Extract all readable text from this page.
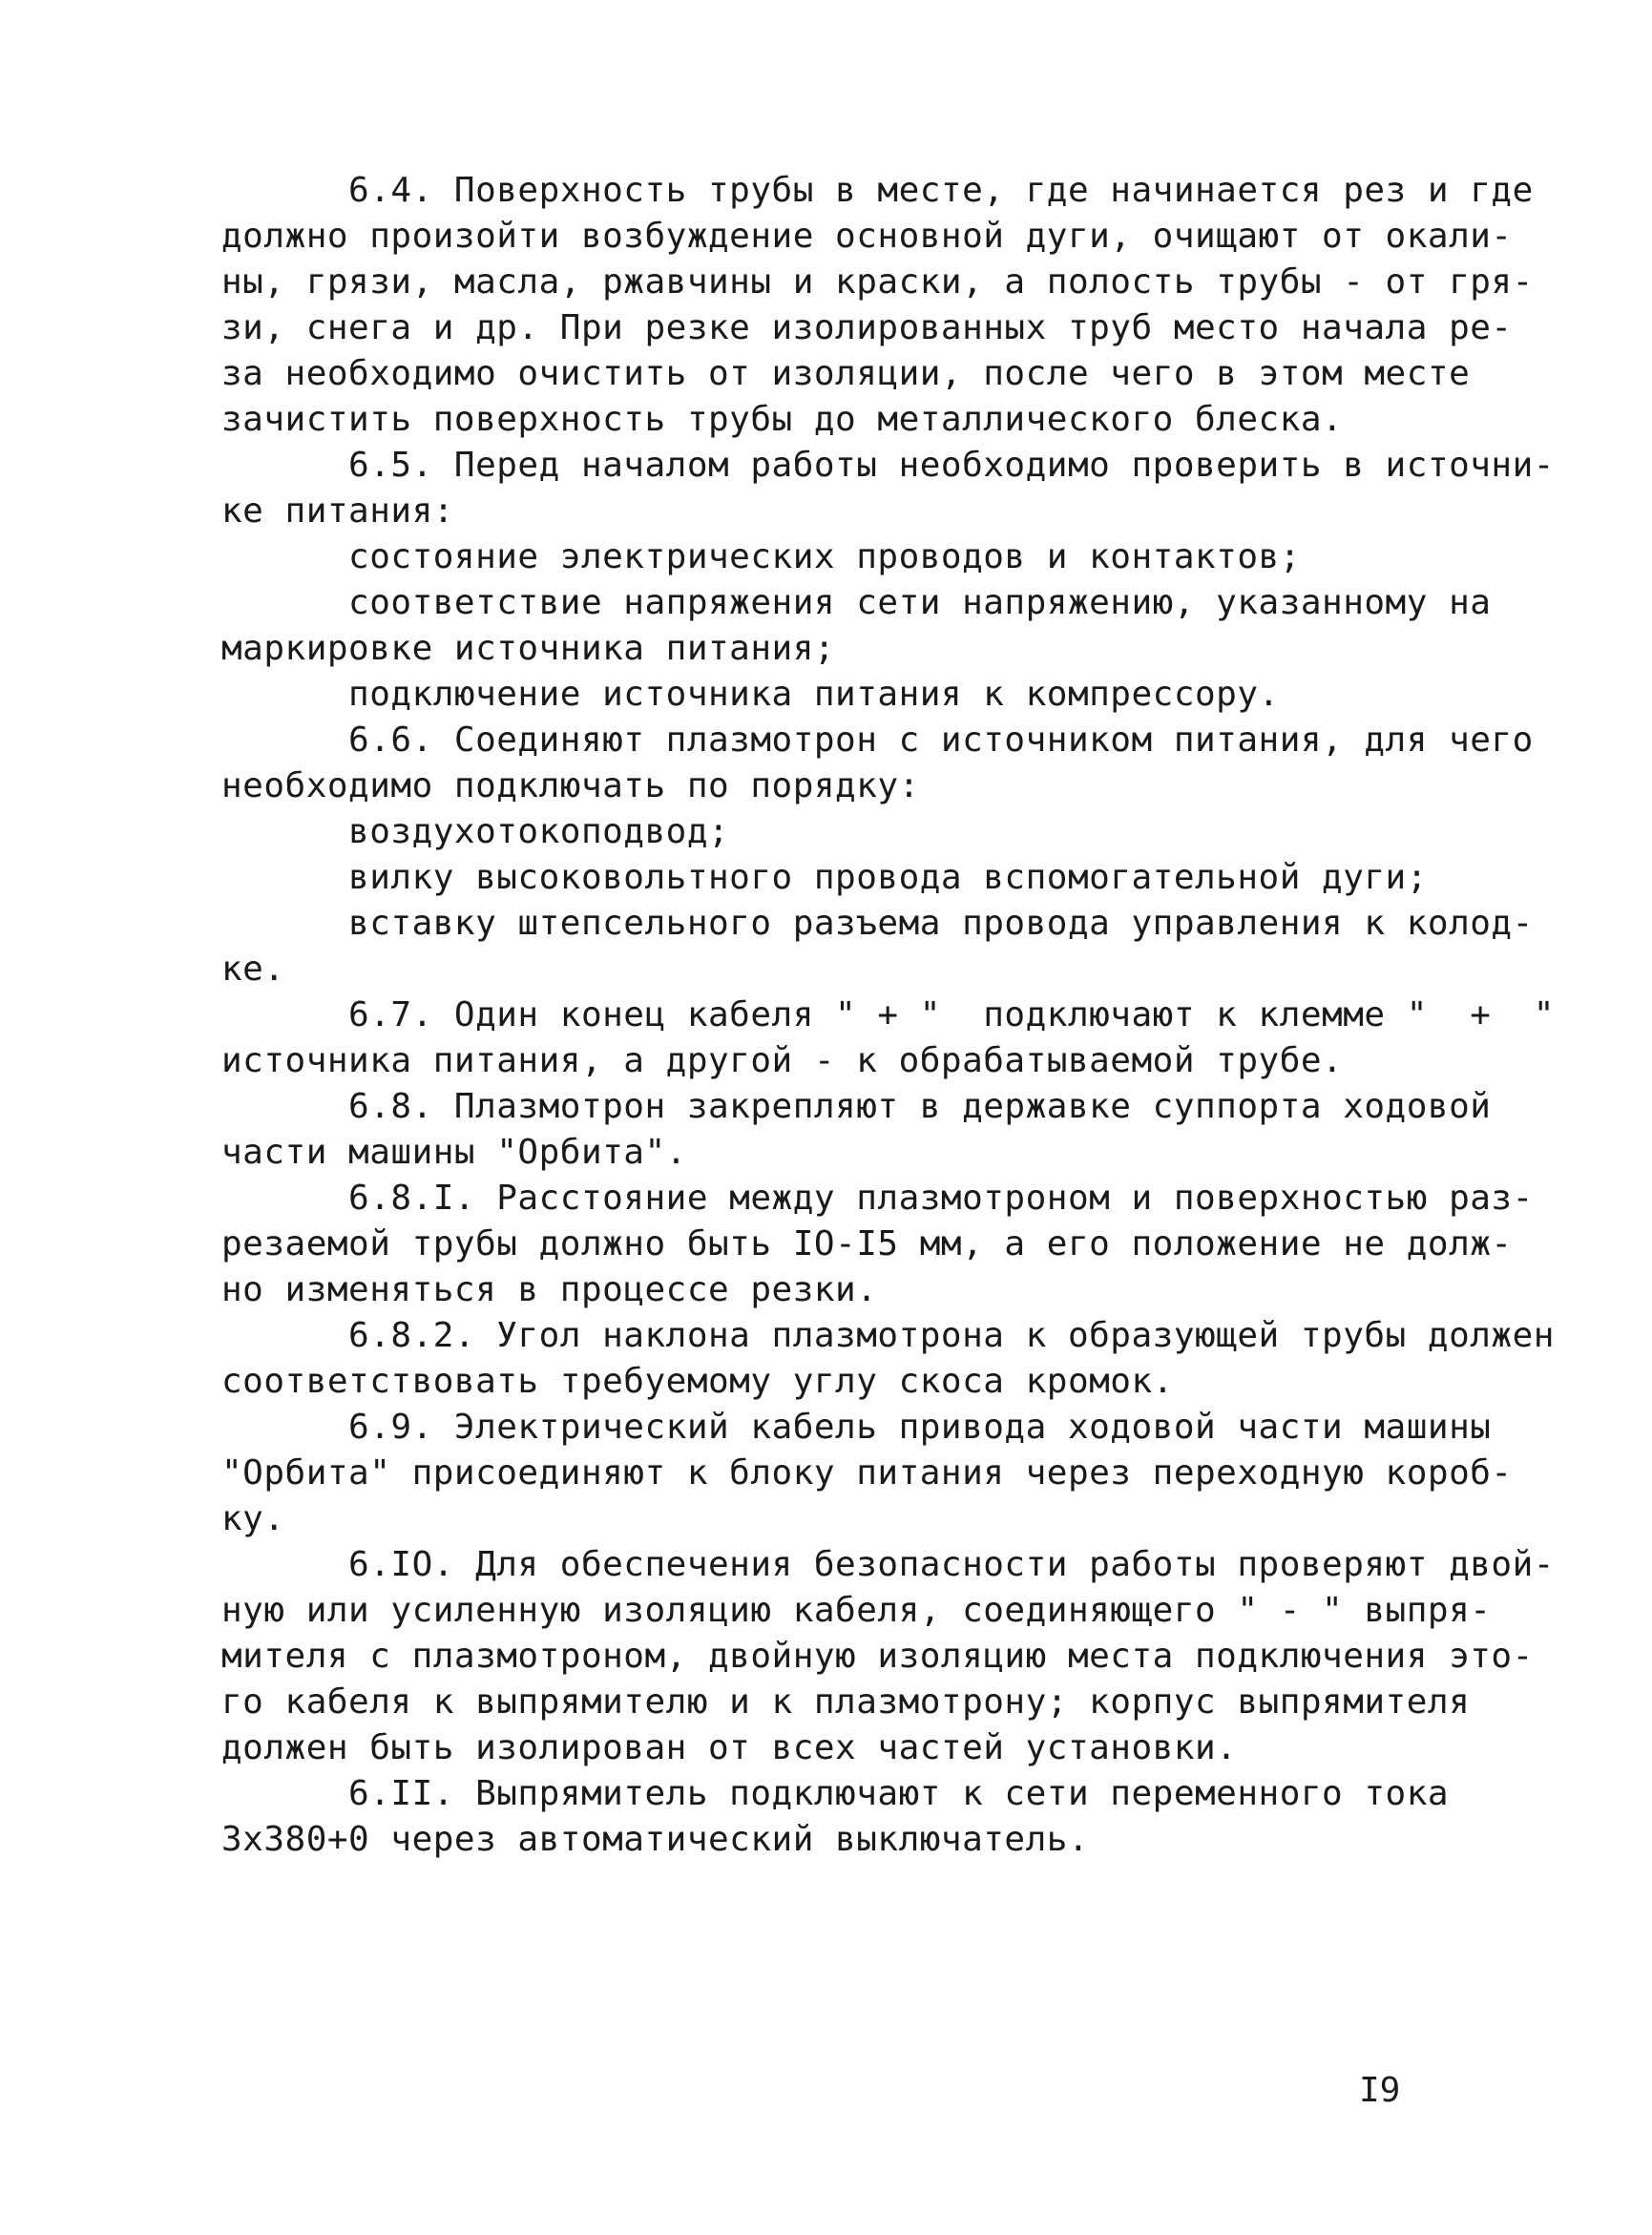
6.4. Поверхность трубы в месте, где начинается рез и где
должно произойти возбуждение основной дуги, очищают от окали-
ны, грязи, масла, ржавчины и краски, а полость трубы - от гря-
зи, снега и др. При резке изолированных труб место начала ре-
за необходимо очистить от изоляции, после чего в этом месте
зачистить поверхность трубы до металлического блеска.
6.5. Перед началом работы необходимо проверить в источни-
ке питания:
состояние электрических проводов и контактов;
соответствие напряжения сети напряжению, указанному на
маркировке источника питания;
подключение источника питания к компрессору.
6.6. Соединяют плазмотрон с источником питания, для чего
необходимо подключать по порядку:
воздухотокоподвод;
вилку высоковольтного провода вспомогательной дуги;
вставку штепсельного разъема провода управления к колод-
ке.
6.7. Один конец кабеля " + "  подключают к клемме "  +  "
источника питания, а другой - к обрабатываемой трубе.
6.8. Плазмотрон закрепляют в державке суппорта ходовой
части машины "Орбита".
6.8.I. Расстояние между плазмотроном и поверхностью раз-
резаемой трубы должно быть IO-I5 мм, а его положение не долж-
но изменяться в процессе резки.
6.8.2. Угол наклона плазмотрона к образующей трубы должен
соответствовать требуемому углу скоса кромок.
6.9. Электрический кабель привода ходовой части машины
"Орбита" присоединяют к блоку питания через переходную короб-
ку.
6.IO. Для обеспечения безопасности работы проверяют двой-
ную или усиленную изоляцию кабеля, соединяющего " - " выпря-
мителя с плазмотроном, двойную изоляцию места подключения это-
го кабеля к выпрямителю и к плазмотрону; корпус выпрямителя
должен быть изолирован от всех частей установки.
6.II. Выпрямитель подключают к сети переменного тока
3х380+0 через автоматический выключатель.
I9
